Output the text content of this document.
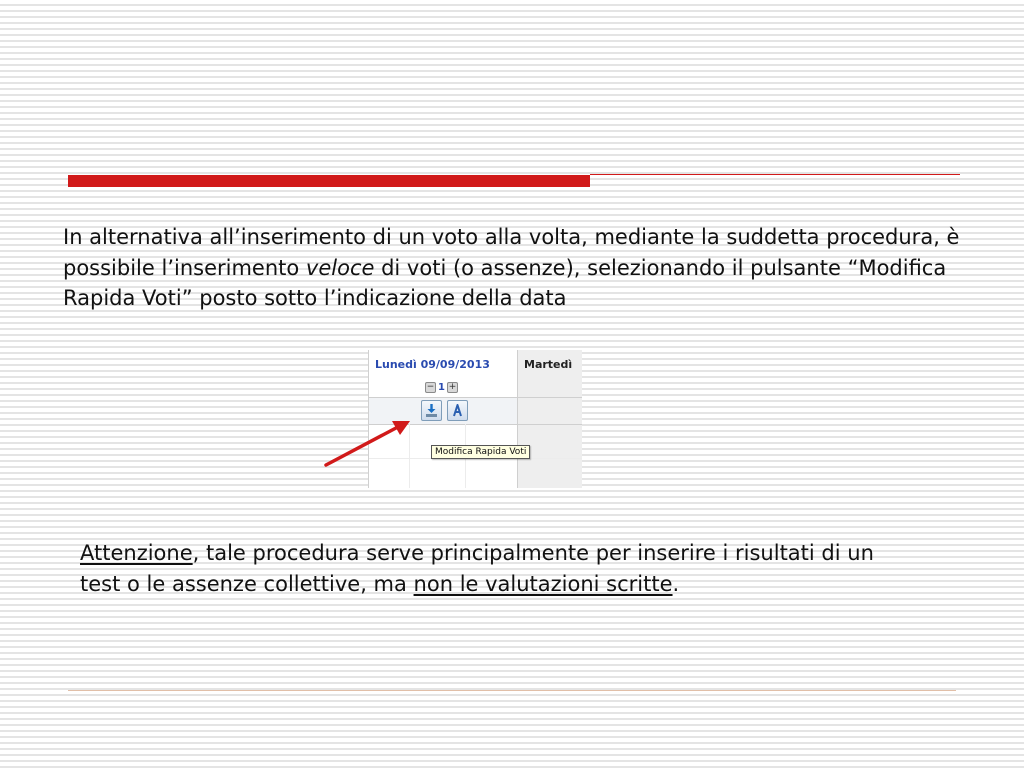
In alternativa all’inserimento di un voto alla volta, mediante la suddetta procedura, è possibile l’inserimento veloce di voti (o assenze), selezionando il pulsante “Modifica Rapida Voti” posto sotto l’indicazione della data
Lunedì 09/09/2013
− 1 +
Martedì
Modifica Rapida Voti
Attenzione, tale procedura serve principalmente per inserire i risultati di un test o le assenze collettive, ma non le valutazioni scritte.
